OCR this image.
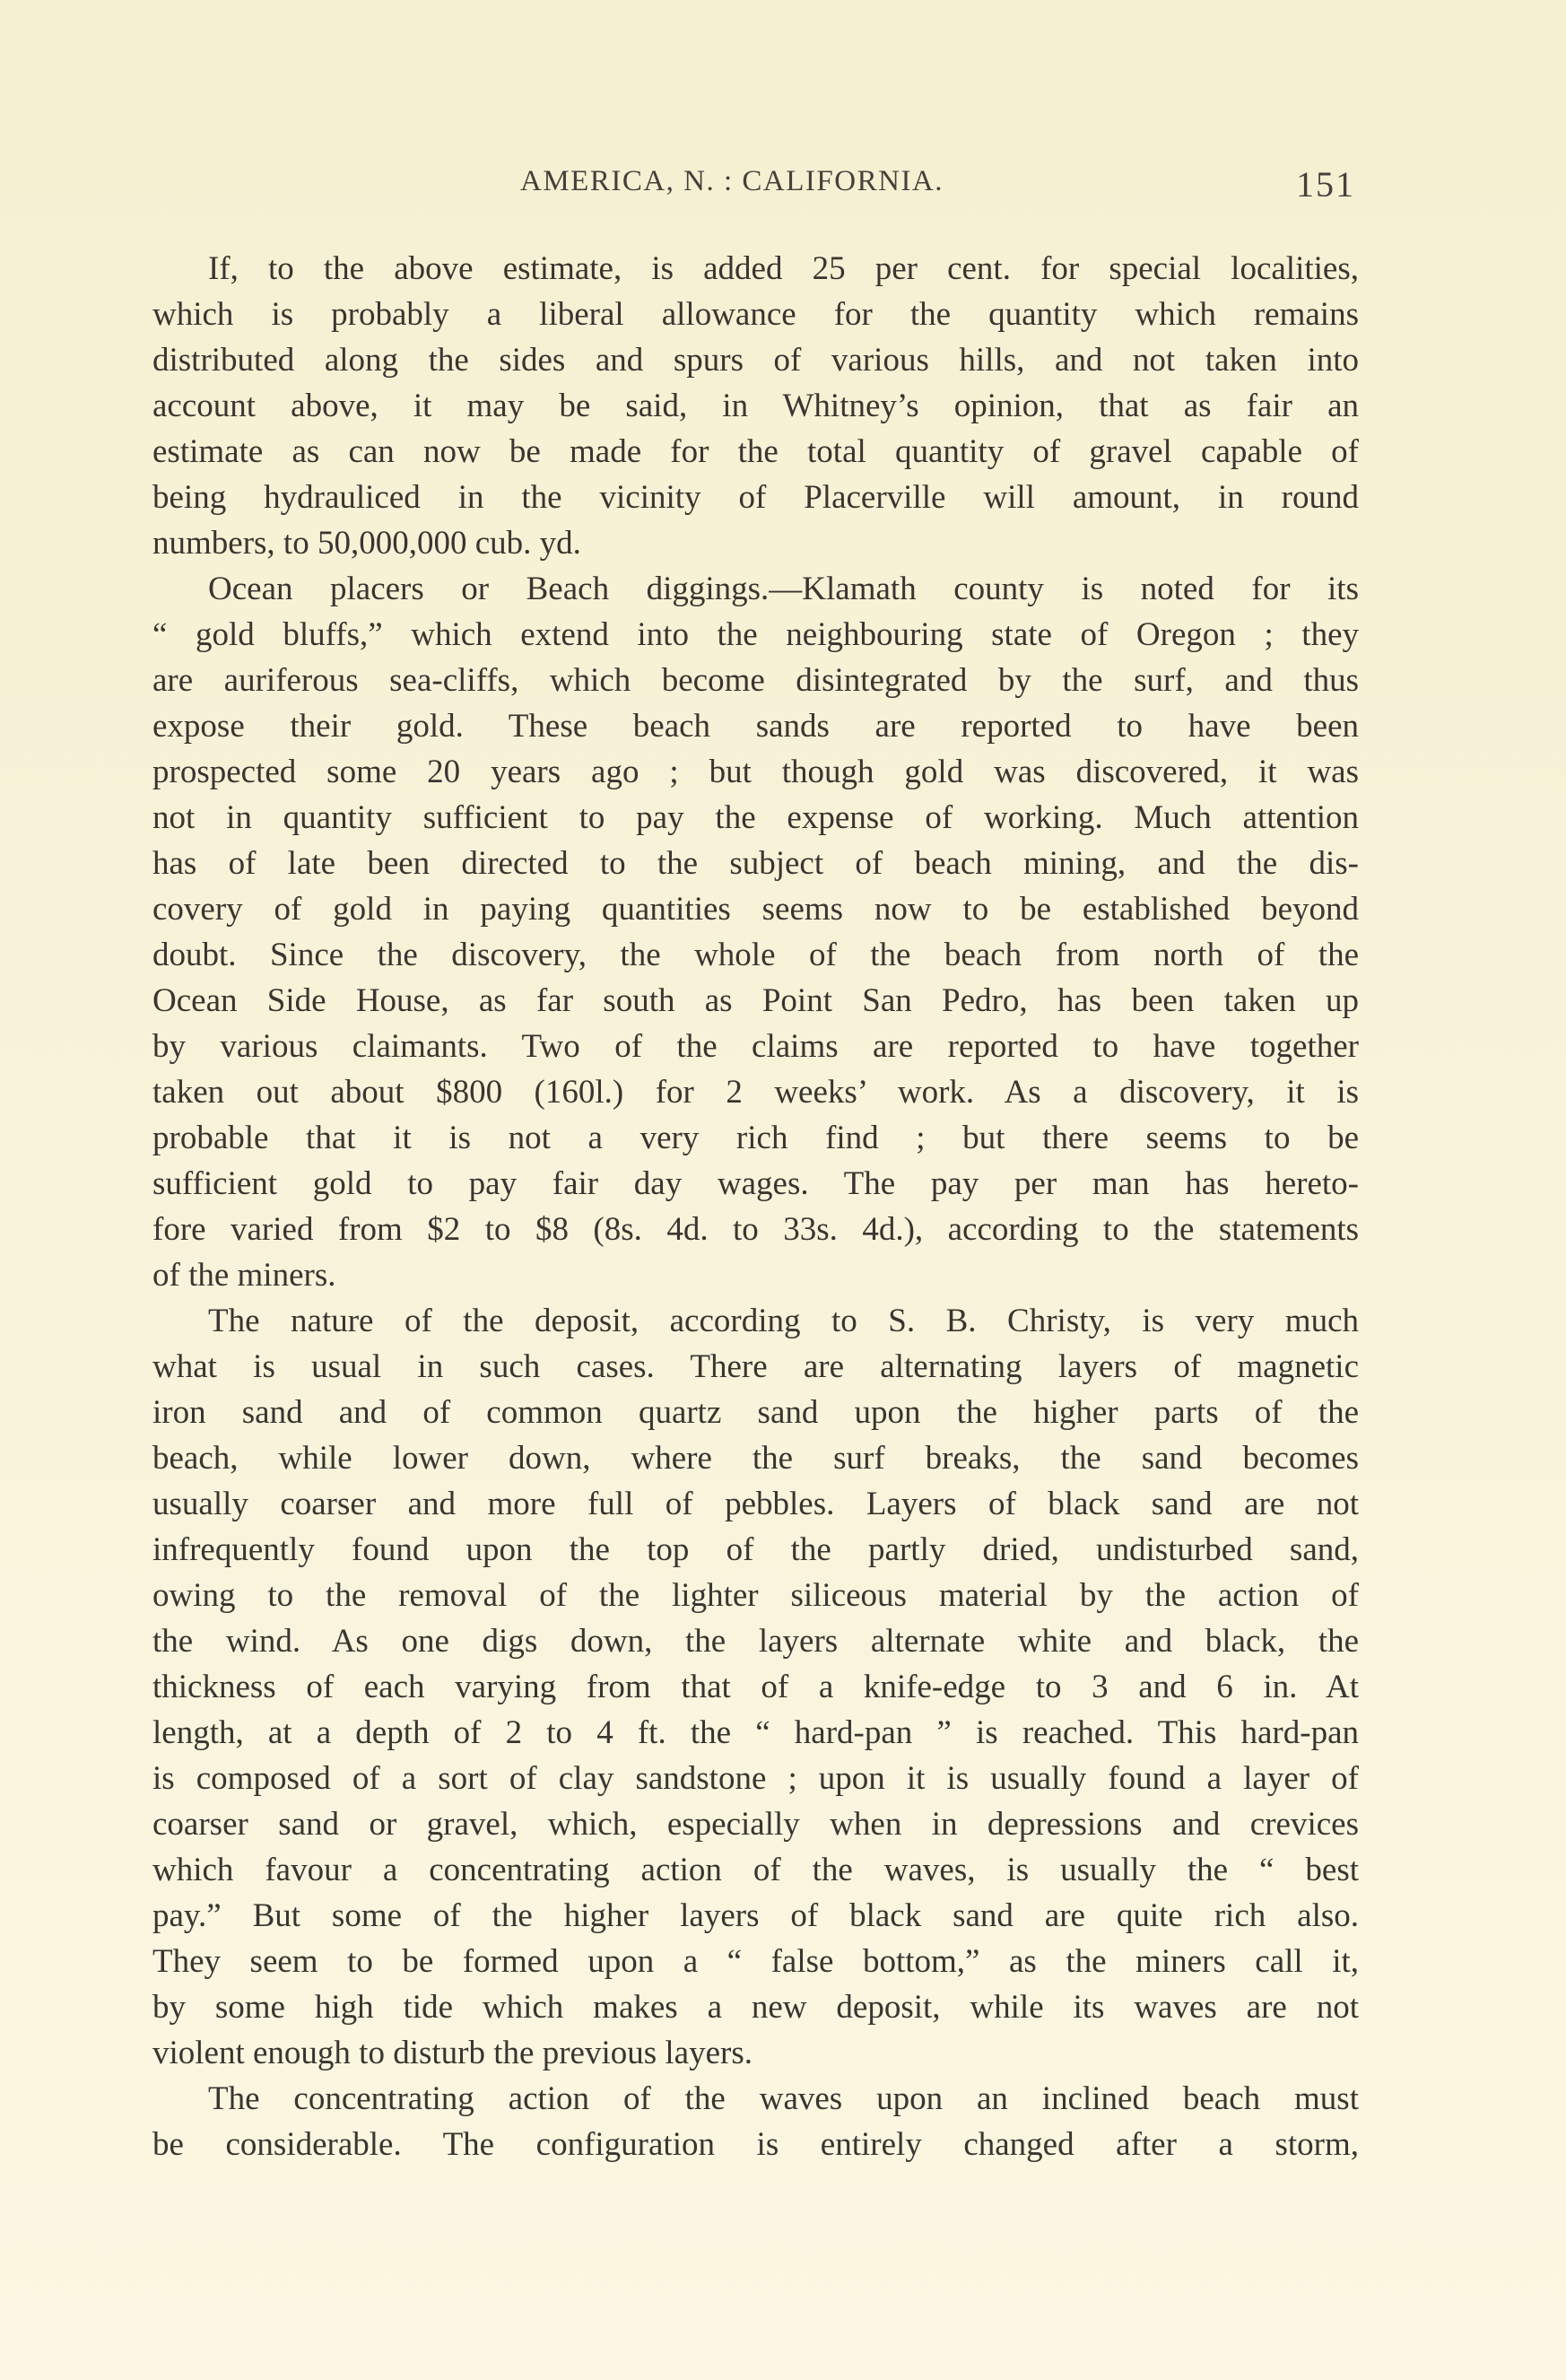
AMERICA, N. : CALIFORNIA.	151
If, to the above estimate, is added 25 per cent. for special localities,
which is probably a liberal allowance for the quantity which remains
distributed along the sides and spurs of various hills, and not taken into
account above, it may be said, in Whitney’s opinion, that as fair an
estimate as can now be made for the total quantity of gravel capable of
being hydrauliced in the vicinity of Placerville will amount, in round
numbers, to 50,000,000 cub. yd.
Ocean placers or Beach diggings.—Klamath county is noted for its
“ gold bluffs,” which extend into the neighbouring state of Oregon ; they
are auriferous sea-cliffs, which become disintegrated by the surf, and thus
expose their gold. These beach sands are reported to have been
prospected some 20 years ago ; but though gold was discovered, it was
not in quantity sufficient to pay the expense of working. Much attention
has of late been directed to the subject of beach mining, and the dis-
covery of gold in paying quantities seems now to be established beyond
doubt. Since the discovery, the whole of the beach from north of the
Ocean Side House, as far south as Point San Pedro, has been taken up
by various claimants. Two of the claims are reported to have together
taken out about $800 (160l.) for 2 weeks’ work. As a discovery, it is
probable that it is not a very rich find ; but there seems to be
sufficient gold to pay fair day wages. The pay per man has hereto-
fore varied from $2 to $8 (8s. 4d. to 33s. 4d.), according to the statements
of the miners.
The nature of the deposit, according to S. B. Christy, is very much
what is usual in such cases. There are alternating layers of magnetic
iron sand and of common quartz sand upon the higher parts of the
beach, while lower down, where the surf breaks, the sand becomes
usually coarser and more full of pebbles. Layers of black sand are not
infrequently found upon the top of the partly dried, undisturbed sand,
owing to the removal of the lighter siliceous material by the action of
the wind. As one digs down, the layers alternate white and black, the
thickness of each varying from that of a knife-edge to 3 and 6 in. At
length, at a depth of 2 to 4 ft. the “ hard-pan ” is reached. This hard-pan
is composed of a sort of clay sandstone ; upon it is usually found a layer of
coarser sand or gravel, which, especially when in depressions and crevices
which favour a concentrating action of the waves, is usually the “ best
pay.” But some of the higher layers of black sand are quite rich also.
They seem to be formed upon a “ false bottom,” as the miners call it,
by some high tide which makes a new deposit, while its waves are not
violent enough to disturb the previous layers.
The concentrating action of the waves upon an inclined beach must
be considerable. The configuration is entirely changed after a storm,
